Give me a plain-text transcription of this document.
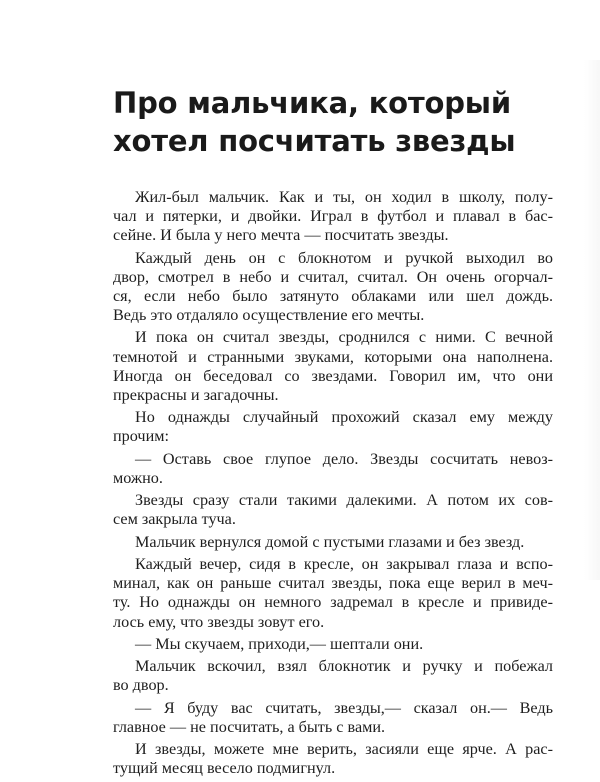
Про мальчика, который
хотел посчитать звезды
Жил-был мальчик. Как и ты, он ходил в школу, полу-
чал и пятерки, и двойки. Играл в футбол и плавал в бас-
сейне. И была у него мечта — посчитать звезды.
Каждый день он с блокнотом и ручкой выходил во
двор, смотрел в небо и считал, считал. Он очень огорчал-
ся, если небо было затянуто облаками или шел дождь.
Ведь это отдаляло осуществление его мечты.
И пока он считал звезды, сроднился с ними. С вечной
темнотой и странными звуками, которыми она наполнена.
Иногда он беседовал со звездами. Говорил им, что они
прекрасны и загадочны.
Но однажды случайный прохожий сказал ему между
прочим:
— Оставь свое глупое дело. Звезды сосчитать невоз-
можно.
Звезды сразу стали такими далекими. А потом их сов-
сем закрыла туча.
Мальчик вернулся домой с пустыми глазами и без звезд.
Каждый вечер, сидя в кресле, он закрывал глаза и вспо-
минал, как он раньше считал звезды, пока еще верил в меч-
ту. Но однажды он немного задремал в кресле и привиде-
лось ему, что звезды зовут его.
— Мы скучаем, приходи,— шептали они.
Мальчик вскочил, взял блокнотик и ручку и побежал
во двор.
— Я буду вас считать, звезды,— сказал он.— Ведь
главное — не посчитать, а быть с вами.
И звезды, можете мне верить, засияли еще ярче. А рас-
тущий месяц весело подмигнул.
